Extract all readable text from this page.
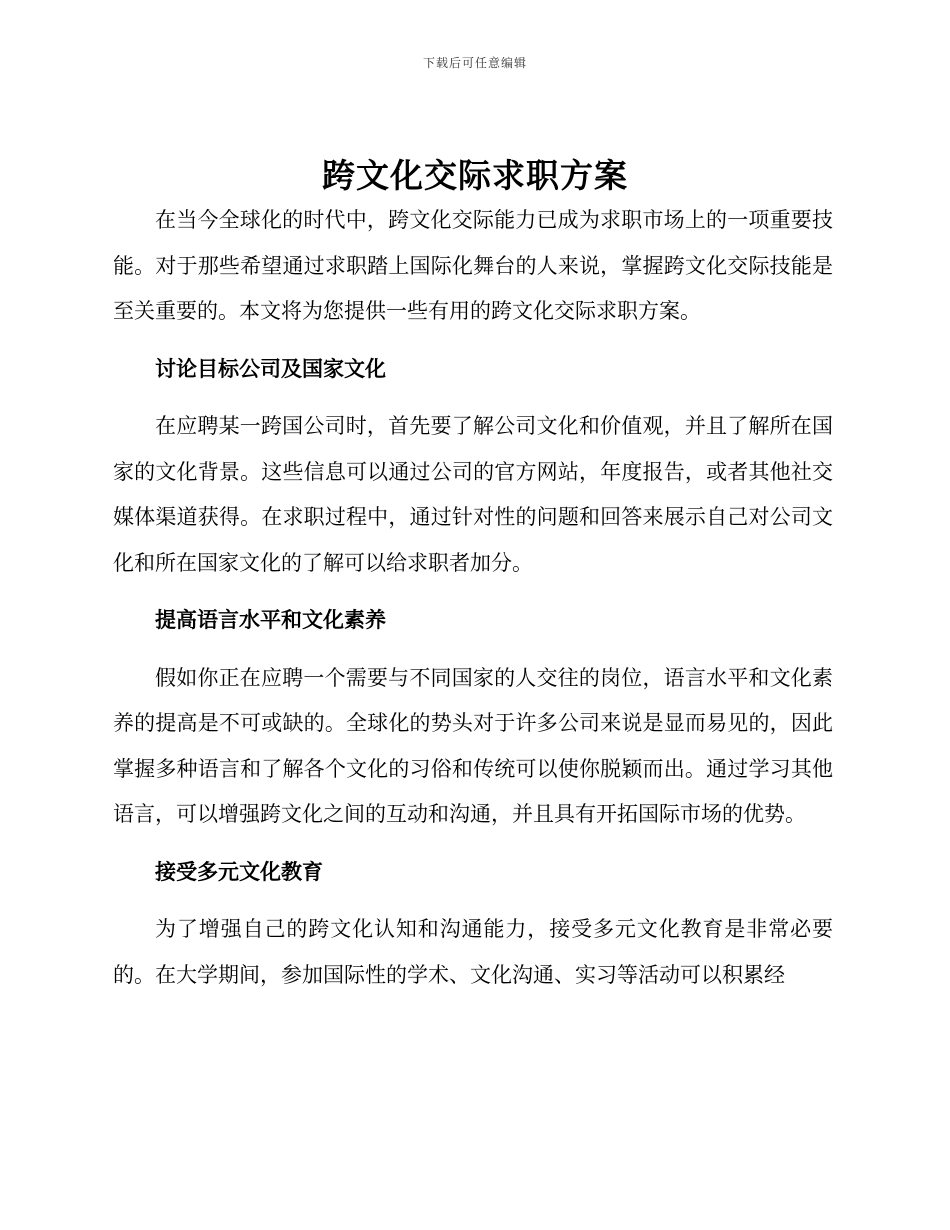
下载后可任意编辑
跨文化交际求职方案

在当今全球化的时代中，跨文化交际能力已成为求职市场上的一项重要技能。对于那些希望通过求职踏上国际化舞台的人来说，掌握跨文化交际技能是至关重要的。本文将为您提供一些有用的跨文化交际求职方案。

讨论目标公司及国家文化

在应聘某一跨国公司时，首先要了解公司文化和价值观，并且了解所在国家的文化背景。这些信息可以通过公司的官方网站，年度报告，或者其他社交媒体渠道获得。在求职过程中，通过针对性的问题和回答来展示自己对公司文化和所在国家文化的了解可以给求职者加分。

提高语言水平和文化素养

假如你正在应聘一个需要与不同国家的人交往的岗位，语言水平和文化素养的提高是不可或缺的。全球化的势头对于许多公司来说是显而易见的，因此掌握多种语言和了解各个文化的习俗和传统可以使你脱颖而出。通过学习其他语言，可以增强跨文化之间的互动和沟通，并且具有开拓国际市场的优势。

接受多元文化教育

为了增强自己的跨文化认知和沟通能力，接受多元文化教育是非常必要的。在大学期间，参加国际性的学术、文化沟通、实习等活动可以积累经
